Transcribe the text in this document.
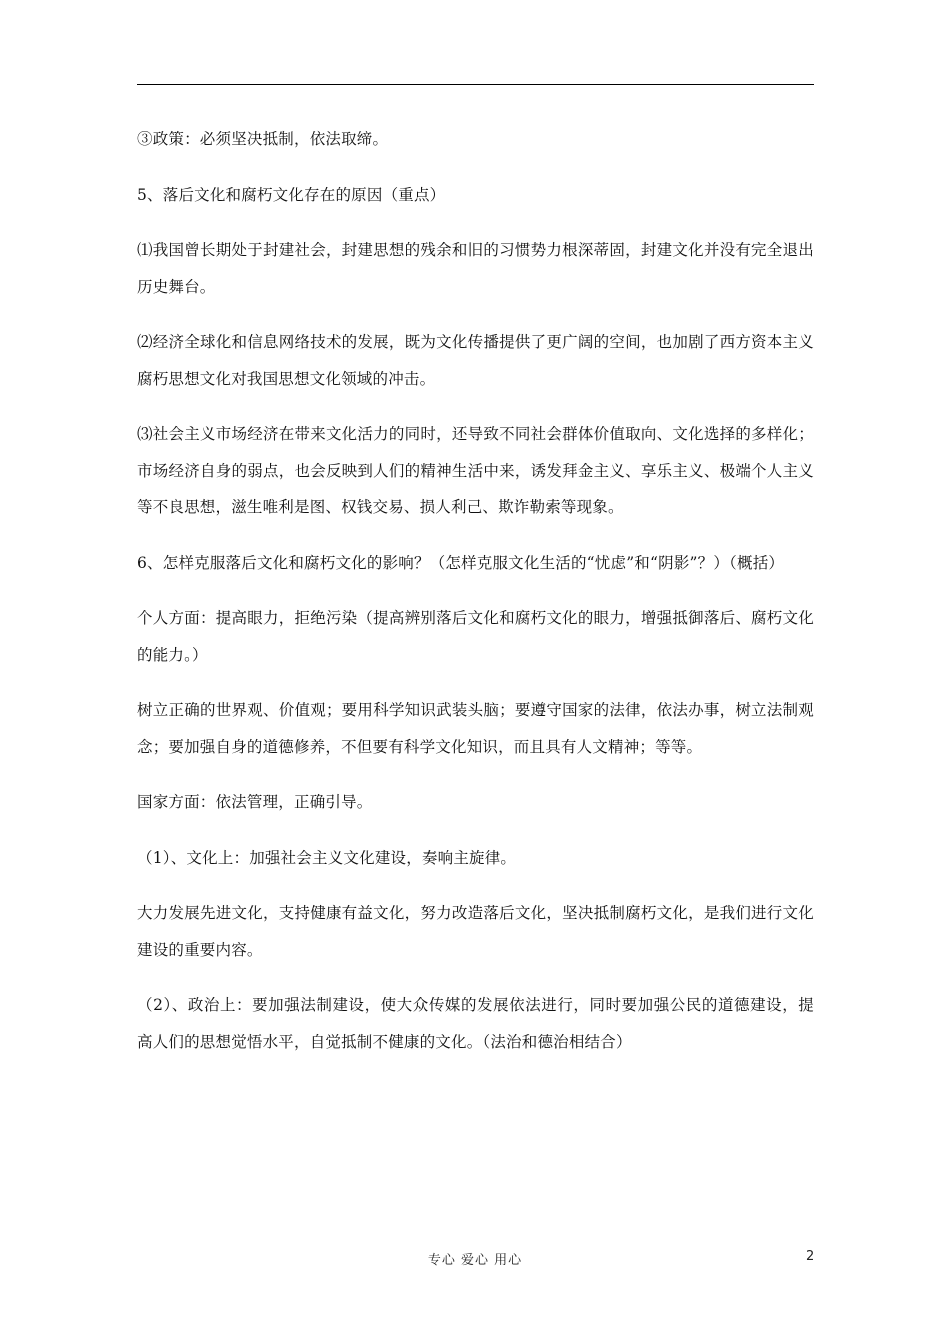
③政策：必须坚决抵制，依法取缔。

5、落后文化和腐朽文化存在的原因（重点）

⑴我国曾长期处于封建社会，封建思想的残余和旧的习惯势力根深蒂固，封建文化并没有完全退出历史舞台。

⑵经济全球化和信息网络技术的发展，既为文化传播提供了更广阔的空间，也加剧了西方资本主义腐朽思想文化对我国思想文化领域的冲击。

⑶社会主义市场经济在带来文化活力的同时，还导致不同社会群体价值取向、文化选择的多样化；市场经济自身的弱点，也会反映到人们的精神生活中来，诱发拜金主义、享乐主义、极端个人主义等不良思想，滋生唯利是图、权钱交易、损人利己、欺诈勒索等现象。

6、怎样克服落后文化和腐朽文化的影响？（怎样克服文化生活的“忧虑”和“阴影”？）（概括）

个人方面：提高眼力，拒绝污染（提高辨别落后文化和腐朽文化的眼力，增强抵御落后、腐朽文化的能力。）

树立正确的世界观、价值观；要用科学知识武装头脑；要遵守国家的法律，依法办事，树立法制观念；要加强自身的道德修养，不但要有科学文化知识，而且具有人文精神；等等。

国家方面：依法管理，正确引导。

（1）、文化上：加强社会主义文化建设，奏响主旋律。

大力发展先进文化，支持健康有益文化，努力改造落后文化，坚决抵制腐朽文化，是我们进行文化建设的重要内容。

（2）、政治上：要加强法制建设，使大众传媒的发展依法进行，同时要加强公民的道德建设，提高人们的思想觉悟水平，自觉抵制不健康的文化。（法治和德治相结合）

专心 爱心 用心	2
